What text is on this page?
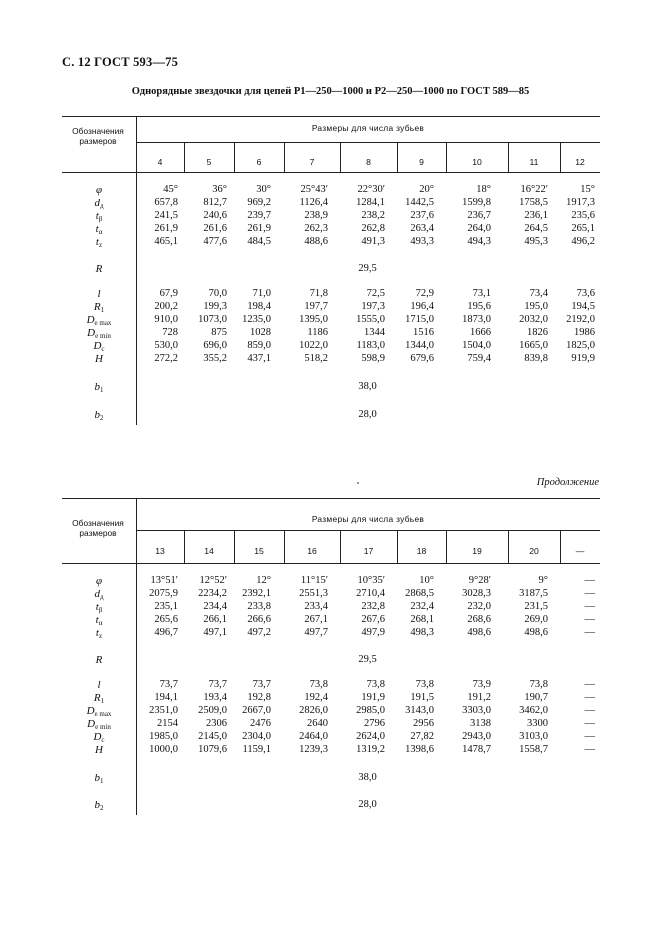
С. 12 ГОСТ 593—75
Однорядные звездочки для цепей Р1—250—1000 и Р2—250—1000 по ГОСТ 589—85
Продолжение
Обозначения
размеров
Размеры для числа зубьев
4	5	6	7	8	9	10	11	12
φ	45°	36°	30°	25°43′	22°30′	20°	18°	16°22′	15°
$d_д$	657,8	812,7	969,2	1126,4	1284,1	1442,5	1599,8	1758,5	1917,3
$t_\beta$	241,5	240,6	239,7	238,9	238,2	237,6	236,7	236,1	235,6
$t_\alpha$	261,9	261,6	261,9	262,3	262,8	263,4	264,0	264,5	265,1
$t_z$	465,1	477,6	484,5	488,6	491,3	493,3	494,3	495,3	496,2
R	29,5
l	67,9	70,0	71,0	71,8	72,5	72,9	73,1	73,4	73,6
$R_1$	200,2	199,3	198,4	197,7	197,3	196,4	195,6	195,0	194,5
$D_{e max}$	910,0	1073,0	1235,0	1395,0	1555,0	1715,0	1873,0	2032,0	2192,0
$D_{e min}$	728	875	1028	1186	1344	1516	1666	1826	1986
$D_c$	530,0	696,0	859,0	1022,0	1183,0	1344,0	1504,0	1665,0	1825,0
H	272,2	355,2	437,1	518,2	598,9	679,6	759,4	839,8	919,9
$b_1$	38,0
$b_2$	28,0
Обозначения
размеров
Размеры для числа зубьев
13	14	15	16	17	18	19	20	—
φ	13°51′	12°52′	12°	11°15′	10°35′	10°	9°28′	9°	—
$d_д$	2075,9	2234,2	2392,1	2551,3	2710,4	2868,5	3028,3	3187,5	—
$t_\beta$	235,1	234,4	233,8	233,4	232,8	232,4	232,0	231,5	—
$t_\alpha$	265,6	266,1	266,6	267,1	267,6	268,1	268,6	269,0	—
$t_z$	496,7	497,1	497,2	497,7	497,9	498,3	498,6	498,6	—
R	29,5
l	73,7	73,7	73,7	73,8	73,8	73,8	73,9	73,8	—
$R_1$	194,1	193,4	192,8	192,4	191,9	191,5	191,2	190,7	—
$D_{e max}$	2351,0	2509,0	2667,0	2826,0	2985,0	3143,0	3303,0	3462,0	—
$D_{e min}$	2154	2306	2476	2640	2796	2956	3138	3300	—
$D_c$	1985,0	2145,0	2304,0	2464,0	2624,0	27,82	2943,0	3103,0	—
H	1000,0	1079,6	1159,1	1239,3	1319,2	1398,6	1478,7	1558,7	—
$b_1$	38,0
$b_2$	28,0
